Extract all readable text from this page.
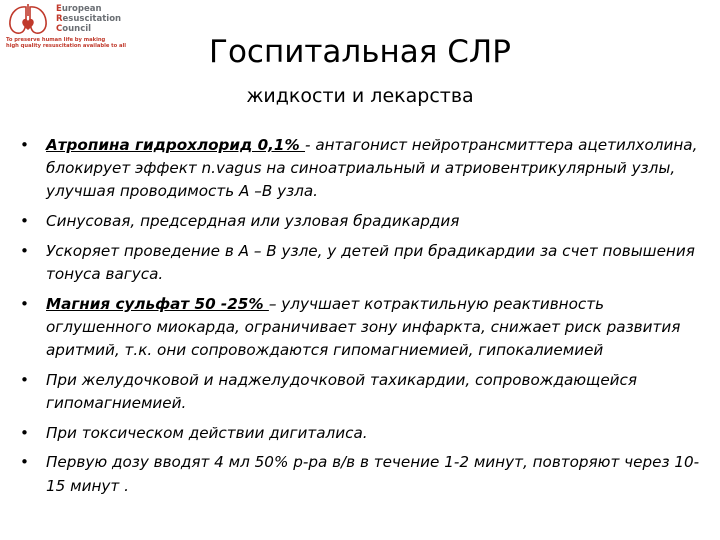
European
Resuscitation
Council
To preserve human life by making
high quality resuscitation available to all	Госпитальная СЛР
жидкости и лекарства
•	Атропина гидрохлорид 0,1% - антагонист нейротрансмиттера ацетилхолина, блокирует эффект n.vagus на синоатриальный и атриовентрикулярный узлы, улучшая проводимость А –В узла.
•	Синусовая, предсердная или узловая брадикардия
•	Ускоряет проведение в А – В узле, у детей при брадикардии за счет повышения тонуса вагуса.
•	Магния сульфат 50 -25% – улучшает котрактильную реактивность оглушенного миокарда, ограничивает зону инфаркта, снижает риск развития аритмий, т.к. они сопровождаются гипомагниемией, гипокалиемией
•	При желудочковой и наджелудочковой тахикардии, сопровождающейся гипомагниемией.
•	При токсическом действии дигиталиса.
•	Первую дозу вводят 4 мл 50% р-ра в/в в течение 1-2 минут, повторяют через 10-15 минут .
